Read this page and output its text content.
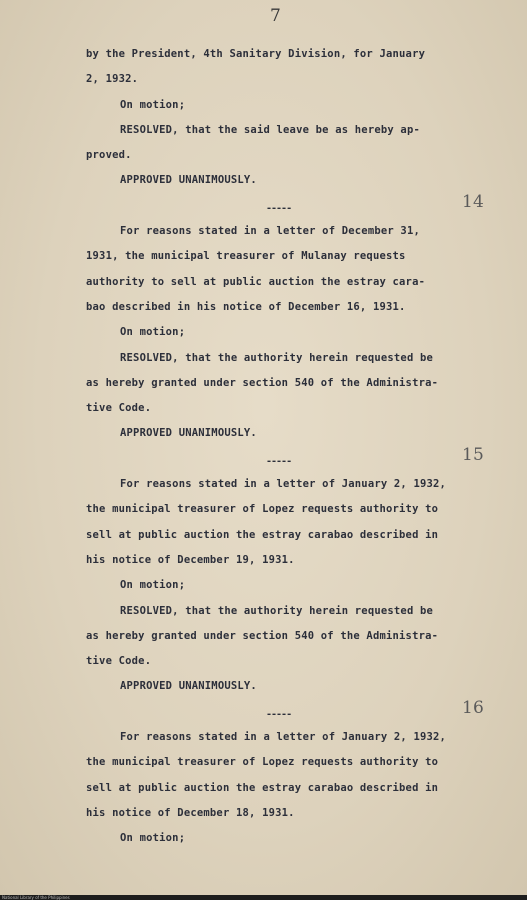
7
by the President, 4th Sanitary Division, for January
2, 1932.
On motion;
RESOLVED, that the said leave be as hereby ap-
proved.
APPROVED UNANIMOUSLY.
-----	14
For reasons stated in a letter of December 31,
1931, the municipal treasurer of Mulanay requests
authority to sell at public auction the estray cara-
bao described in his notice of December 16, 1931.
On motion;
RESOLVED, that the authority herein requested be
as hereby granted under section 540 of the Administra-
tive Code.
APPROVED UNANIMOUSLY.
-----	15
For reasons stated in a letter of January 2, 1932,
the municipal treasurer of Lopez requests authority to
sell at public auction the estray carabao described in
his notice of December 19, 1931.
On motion;
RESOLVED, that the authority herein requested be
as hereby granted under section 540 of the Administra-
tive Code.
APPROVED UNANIMOUSLY.
-----	16
For reasons stated in a letter of January 2, 1932,
the municipal treasurer of Lopez requests authority to
sell at public auction the estray carabao described in
his notice of December 18, 1931.
On motion;
National Library of the Philippines
